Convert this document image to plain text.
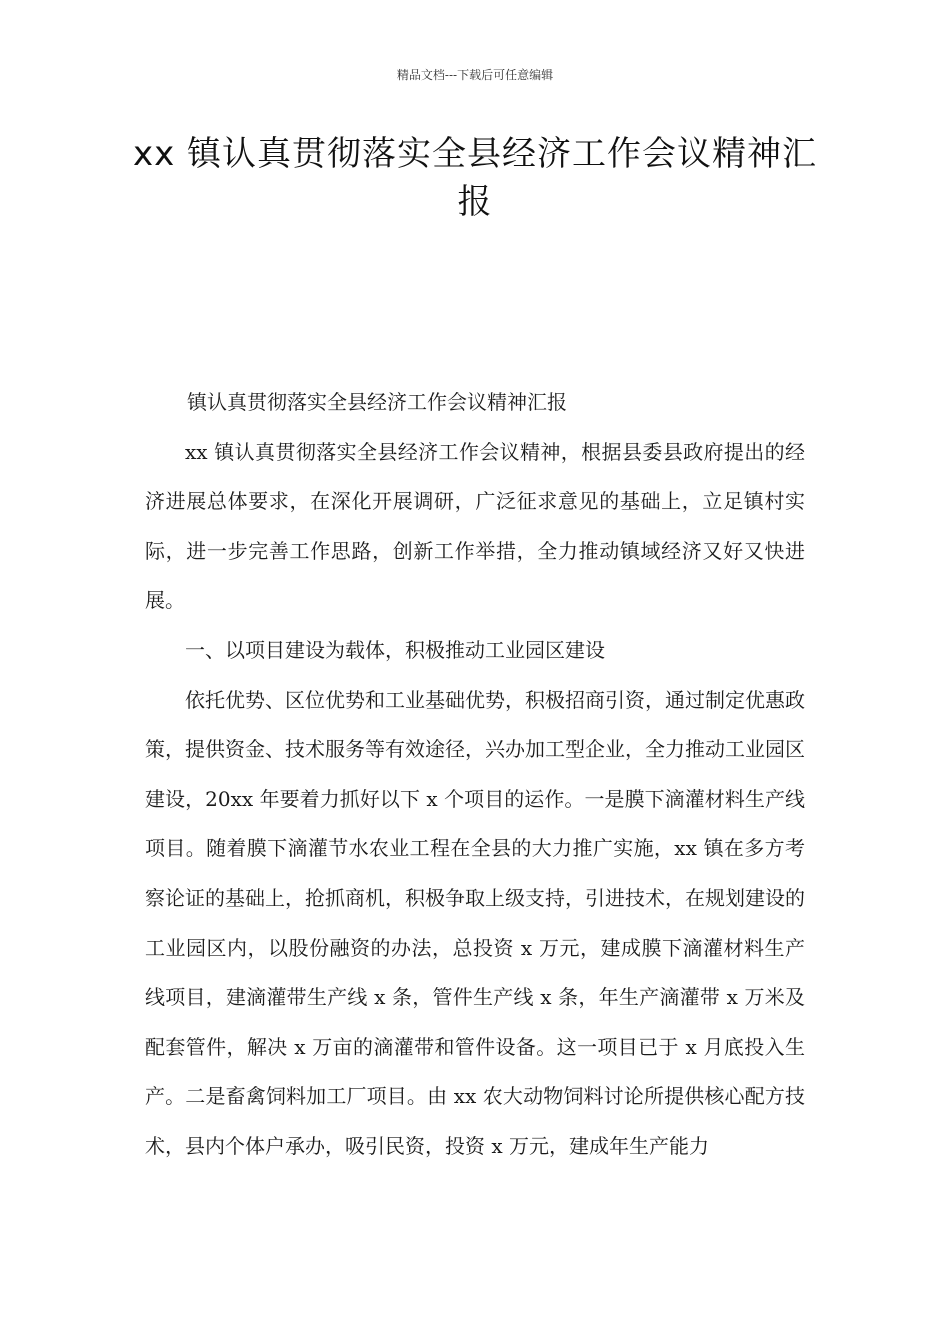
精品文档---下载后可任意编辑
xx 镇认真贯彻落实全县经济工作会议精神汇报

镇认真贯彻落实全县经济工作会议精神汇报

xx 镇认真贯彻落实全县经济工作会议精神，根据县委县政府提出的经济进展总体要求，在深化开展调研，广泛征求意见的基础上，立足镇村实际，进一步完善工作思路，创新工作举措，全力推动镇域经济又好又快进展。

一、以项目建设为载体，积极推动工业园区建设

依托优势、区位优势和工业基础优势，积极招商引资，通过制定优惠政策，提供资金、技术服务等有效途径，兴办加工型企业，全力推动工业园区建设，20xx 年要着力抓好以下 x 个项目的运作。一是膜下滴灌材料生产线项目。随着膜下滴灌节水农业工程在全县的大力推广实施，xx 镇在多方考察论证的基础上，抢抓商机，积极争取上级支持，引进技术，在规划建设的工业园区内，以股份融资的办法，总投资 x 万元，建成膜下滴灌材料生产线项目，建滴灌带生产线 x 条，管件生产线 x 条，年生产滴灌带 x 万米及配套管件，解决 x 万亩的滴灌带和管件设备。这一项目已于 x 月底投入生产。二是畜禽饲料加工厂项目。由 xx 农大动物饲料讨论所提供核心配方技术，县内个体户承办，吸引民资，投资 x 万元，建成年生产能力
